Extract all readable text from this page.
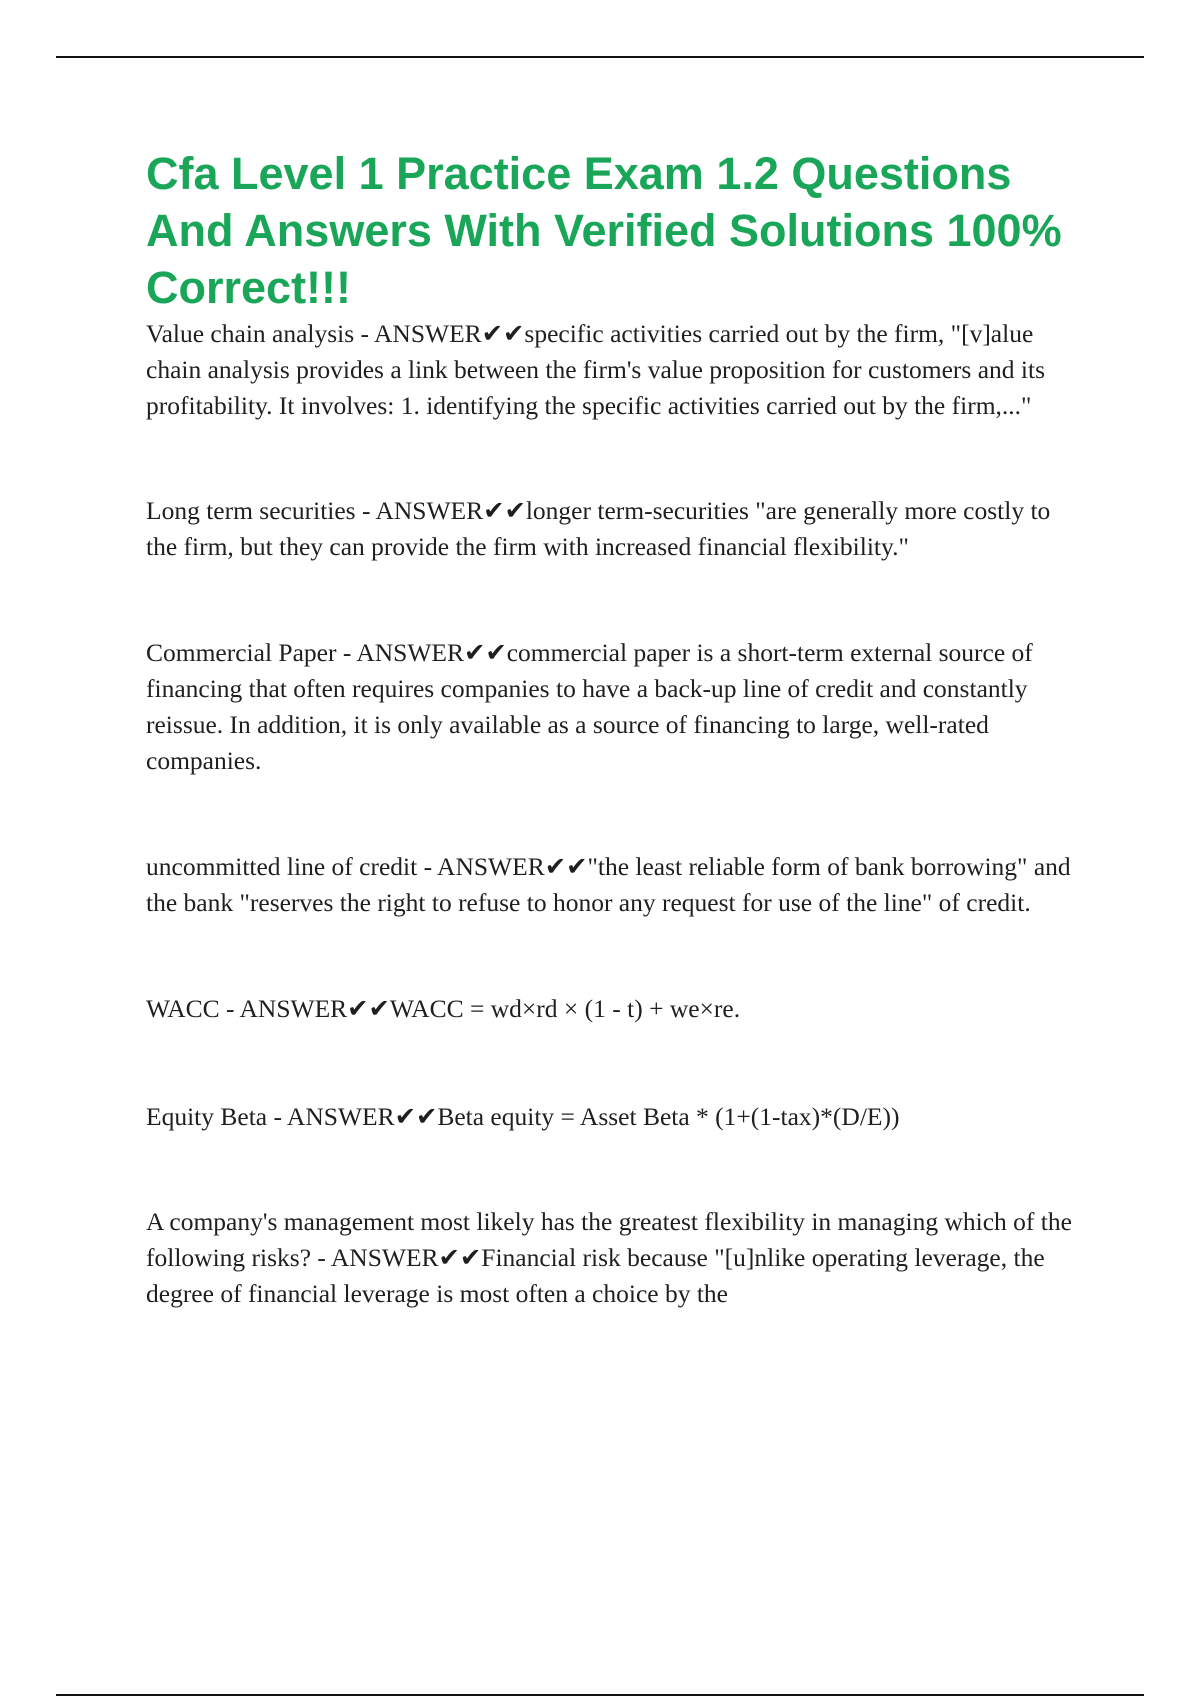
Cfa Level 1 Practice Exam 1.2 Questions And Answers With Verified Solutions 100% Correct!!!

Value chain analysis - ANSWER✔✔specific activities carried out by the firm, "[v]alue chain analysis provides a link between the firm's value proposition for customers and its profitability. It involves: 1. identifying the specific activities carried out by the firm,..."

Long term securities - ANSWER✔✔longer term-securities "are generally more costly to the firm, but they can provide the firm with increased financial flexibility."

Commercial Paper - ANSWER✔✔commercial paper is a short-term external source of financing that often requires companies to have a back-up line of credit and constantly reissue. In addition, it is only available as a source of financing to large, well-rated companies.

uncommitted line of credit - ANSWER✔✔"the least reliable form of bank borrowing" and the bank "reserves the right to refuse to honor any request for use of the line" of credit.

WACC - ANSWER✔✔WACC = wd×rd × (1 - t) + we×re.

Equity Beta - ANSWER✔✔Beta equity = Asset Beta * (1+(1-tax)*(D/E))

A company's management most likely has the greatest flexibility in managing which of the following risks? - ANSWER✔✔Financial risk because "[u]nlike operating leverage, the degree of financial leverage is most often a choice by the
